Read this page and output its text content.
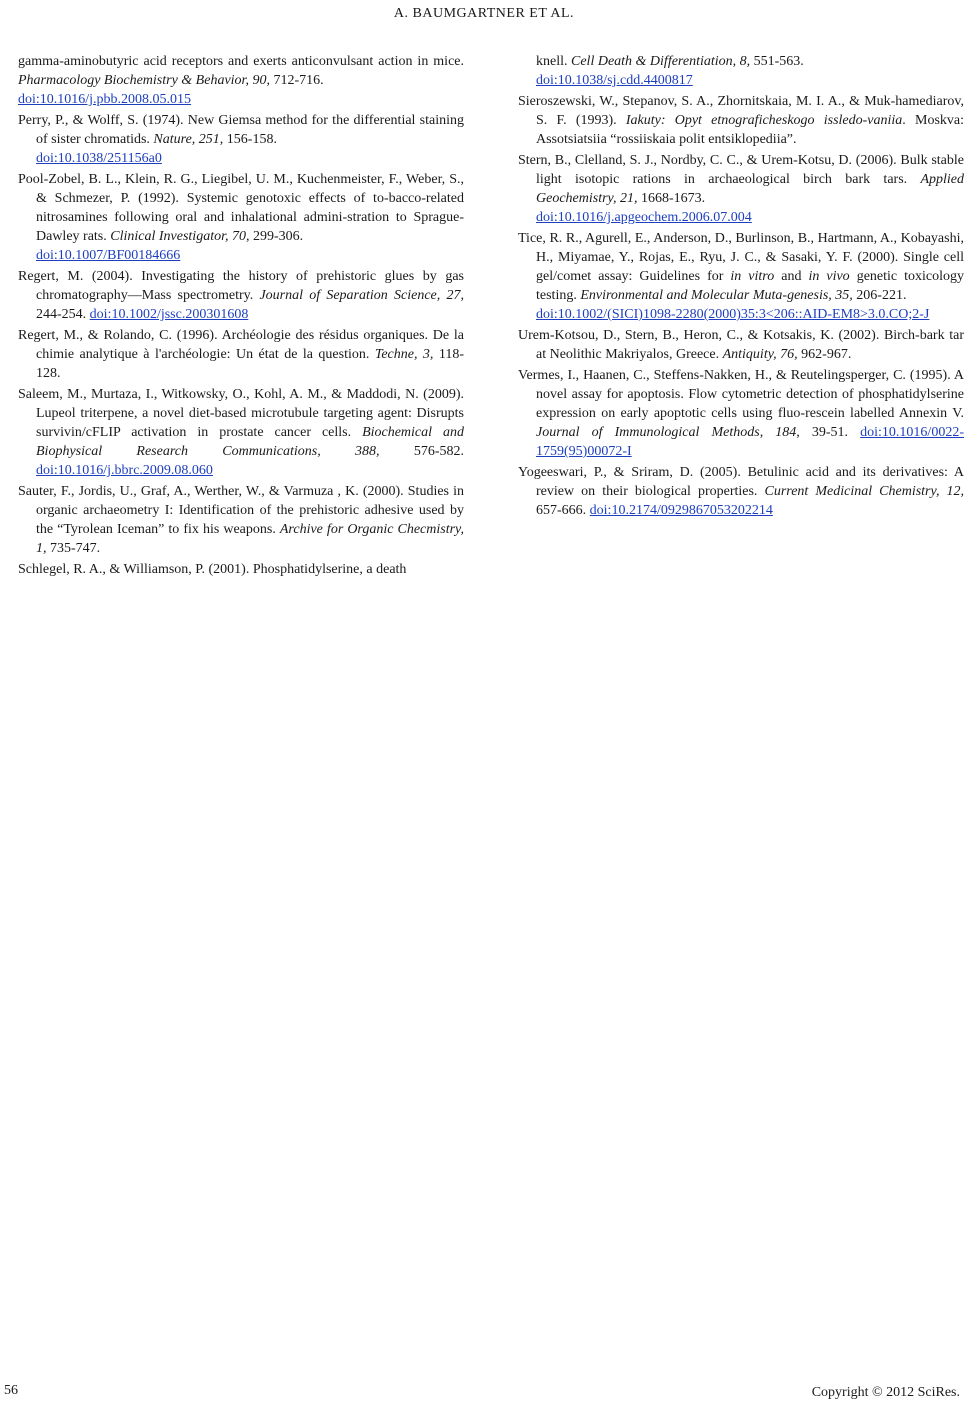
A. BAUMGARTNER ET AL.

gamma-aminobutyric acid receptors and exerts anticonvulsant action in mice. Pharmacology Biochemistry & Behavior, 90, 712-716.
doi:10.1016/j.pbb.2008.05.015

Perry, P., & Wolff, S. (1974). New Giemsa method for the differential staining of sister chromatids. Nature, 251, 156-158.
doi:10.1038/251156a0

Pool-Zobel, B. L., Klein, R. G., Liegibel, U. M., Kuchenmeister, F., Weber, S., & Schmezer, P. (1992). Systemic genotoxic effects of to-bacco-related nitrosamines following oral and inhalational admini-stration to Sprague-Dawley rats. Clinical Investigator, 70, 299-306.
doi:10.1007/BF00184666

Regert, M. (2004). Investigating the history of prehistoric glues by gas chromatography—Mass spectrometry. Journal of Separation Science, 27, 244-254. doi:10.1002/jssc.200301608

Regert, M., & Rolando, C. (1996). Archéologie des résidus organiques. De la chimie analytique à l'archéologie: Un état de la question. Techne, 3, 118-128.

Saleem, M., Murtaza, I., Witkowsky, O., Kohl, A. M., & Maddodi, N. (2009). Lupeol triterpene, a novel diet-based microtubule targeting agent: Disrupts survivin/cFLIP activation in prostate cancer cells. Biochemical and Biophysical Research Communications, 388, 576-582. doi:10.1016/j.bbrc.2009.08.060

Sauter, F., Jordis, U., Graf, A., Werther, W., & Varmuza , K. (2000). Studies in organic archaeometry I: Identification of the prehistoric adhesive used by the “Tyrolean Iceman” to fix his weapons. Archive for Organic Checmistry, 1, 735-747.

Schlegel, R. A., & Williamson, P. (2001). Phosphatidylserine, a death

knell. Cell Death & Differentiation, 8, 551-563.
doi:10.1038/sj.cdd.4400817

Sieroszewski, W., Stepanov, S. A., Zhornitskaia, M. I. A., & Muk-hamediarov, S. F. (1993). Iakuty: Opyt etnograficheskogo issledo-vaniia. Moskva: Assotsiatsiia “rossiiskaia polit entsiklopediia”.

Stern, B., Clelland, S. J., Nordby, C. C., & Urem-Kotsu, D. (2006). Bulk stable light isotopic rations in archaeological birch bark tars. Applied Geochemistry, 21, 1668-1673.
doi:10.1016/j.apgeochem.2006.07.004

Tice, R. R., Agurell, E., Anderson, D., Burlinson, B., Hartmann, A., Kobayashi, H., Miyamae, Y., Rojas, E., Ryu, J. C., & Sasaki, Y. F. (2000). Single cell gel/comet assay: Guidelines for in vitro and in vivo genetic toxicology testing. Environmental and Molecular Muta-genesis, 35, 206-221.
doi:10.1002/(SICI)1098-2280(2000)35:3<206::AID-EM8>3.0.CO;2-J

Urem-Kotsou, D., Stern, B., Heron, C., & Kotsakis, K. (2002). Birch-bark tar at Neolithic Makriyalos, Greece. Antiquity, 76, 962-967.

Vermes, I., Haanen, C., Steffens-Nakken, H., & Reutelingsperger, C. (1995). A novel assay for apoptosis. Flow cytometric detection of phosphatidylserine expression on early apoptotic cells using fluo-rescein labelled Annexin V. Journal of Immunological Methods, 184, 39-51. doi:10.1016/0022-1759(95)00072-I

Yogeeswari, P., & Sriram, D. (2005). Betulinic acid and its derivatives: A review on their biological properties. Current Medicinal Chemistry, 12, 657-666. doi:10.2174/0929867053202214

56	Copyright © 2012 SciRes.
